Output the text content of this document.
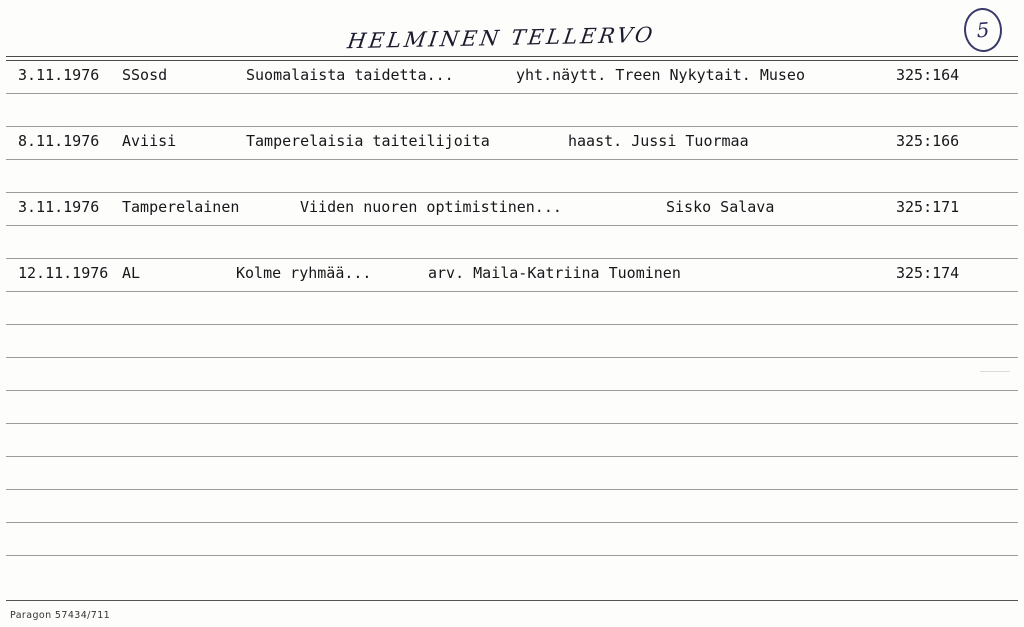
HELMINEN TELLERVO	5
3.11.1976 SSosd	Suomalaista taidetta...	yht.näytt. Treen Nykytait. Museo	325:164
8.11.1976 Aviisi	Tamperelaisia taiteilijoita	haast. Jussi Tuormaa	325:166
3.11.1976 Tamperelainen	Viiden nuoren optimistinen...	Sisko Salava	325:171
12.11.1976 AL	Kolme ryhmää...	arv. Maila-Katriina Tuominen	325:174
Paragon 57434/711
